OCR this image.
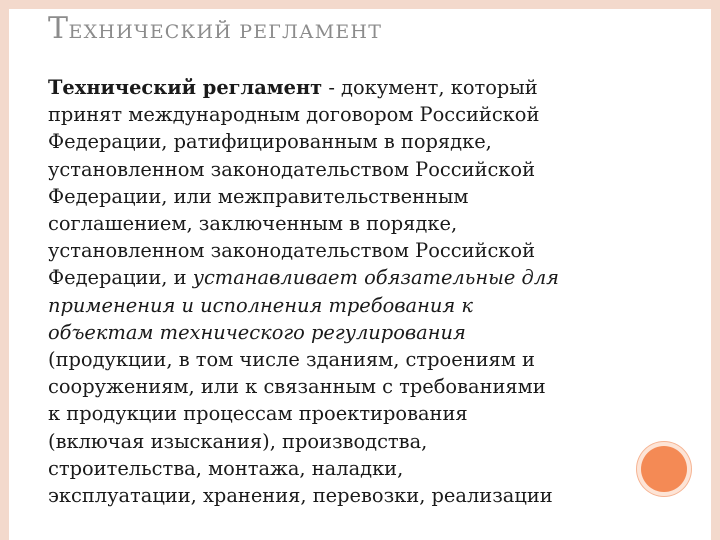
ТЕХНИЧЕСКИЙ РЕГЛАМЕНТ
Технический регламент - документ, который
принят международным договором Российской
Федерации, ратифицированным в порядке,
установленном законодательством Российской
Федерации, или межправительственным
соглашением, заключенным в порядке,
установленном законодательством Российской
Федерации, и устанавливает обязательные для
применения и исполнения требования к
объектам технического регулирования
(продукции, в том числе зданиям, строениям и
сооружениям, или к связанным с требованиями
к продукции процессам проектирования
(включая изыскания), производства,
строительства, монтажа, наладки,
эксплуатации, хранения, перевозки, реализации
